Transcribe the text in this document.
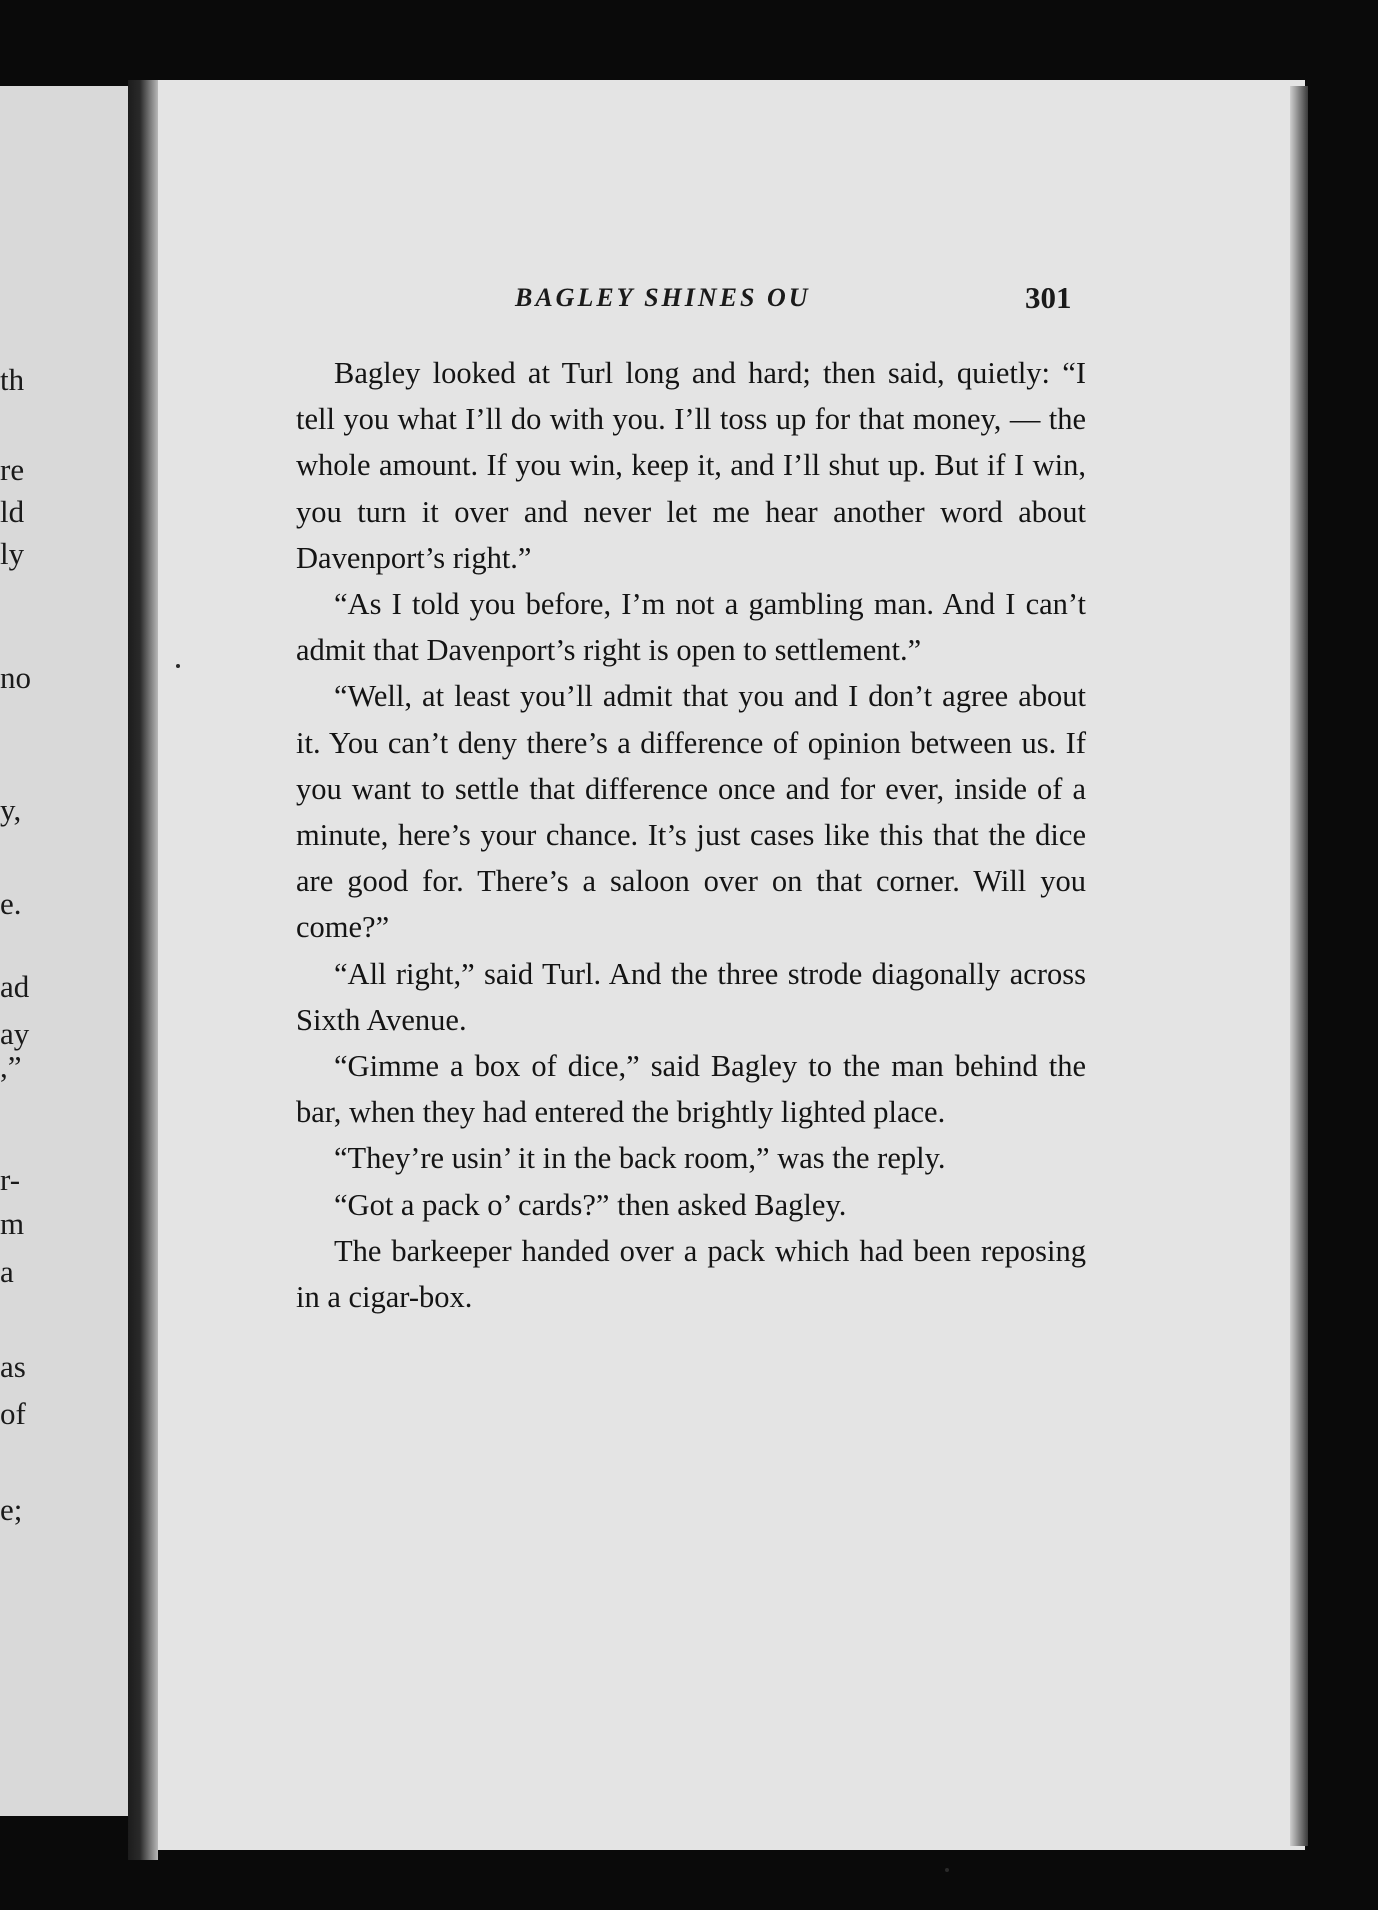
th
re
ld
ly
no
y,
e.
ad
ay
,”
r-
m
a
as
of
e;
BAGLEY SHINES OU	301

Bagley looked at Turl long and hard; then said, quietly: “I tell you what I’ll do with you. I’ll toss up for that money, — the whole amount. If you win, keep it, and I’ll shut up. But if I win, you turn it over and never let me hear another word about Davenport’s right.”

“As I told you before, I’m not a gambling man. And I can’t admit that Davenport’s right is open to settlement.”

“Well, at least you’ll admit that you and I don’t agree about it. You can’t deny there’s a difference of opinion between us. If you want to settle that difference once and for ever, inside of a minute, here’s your chance. It’s just cases like this that the dice are good for. There’s a saloon over on that corner. Will you come?”

“All right,” said Turl. And the three strode diagonally across Sixth Avenue.

“Gimme a box of dice,” said Bagley to the man behind the bar, when they had entered the brightly lighted place.

“They’re usin’ it in the back room,” was the reply.

“Got a pack o’ cards?” then asked Bagley.

The barkeeper handed over a pack which had been reposing in a cigar-box.
